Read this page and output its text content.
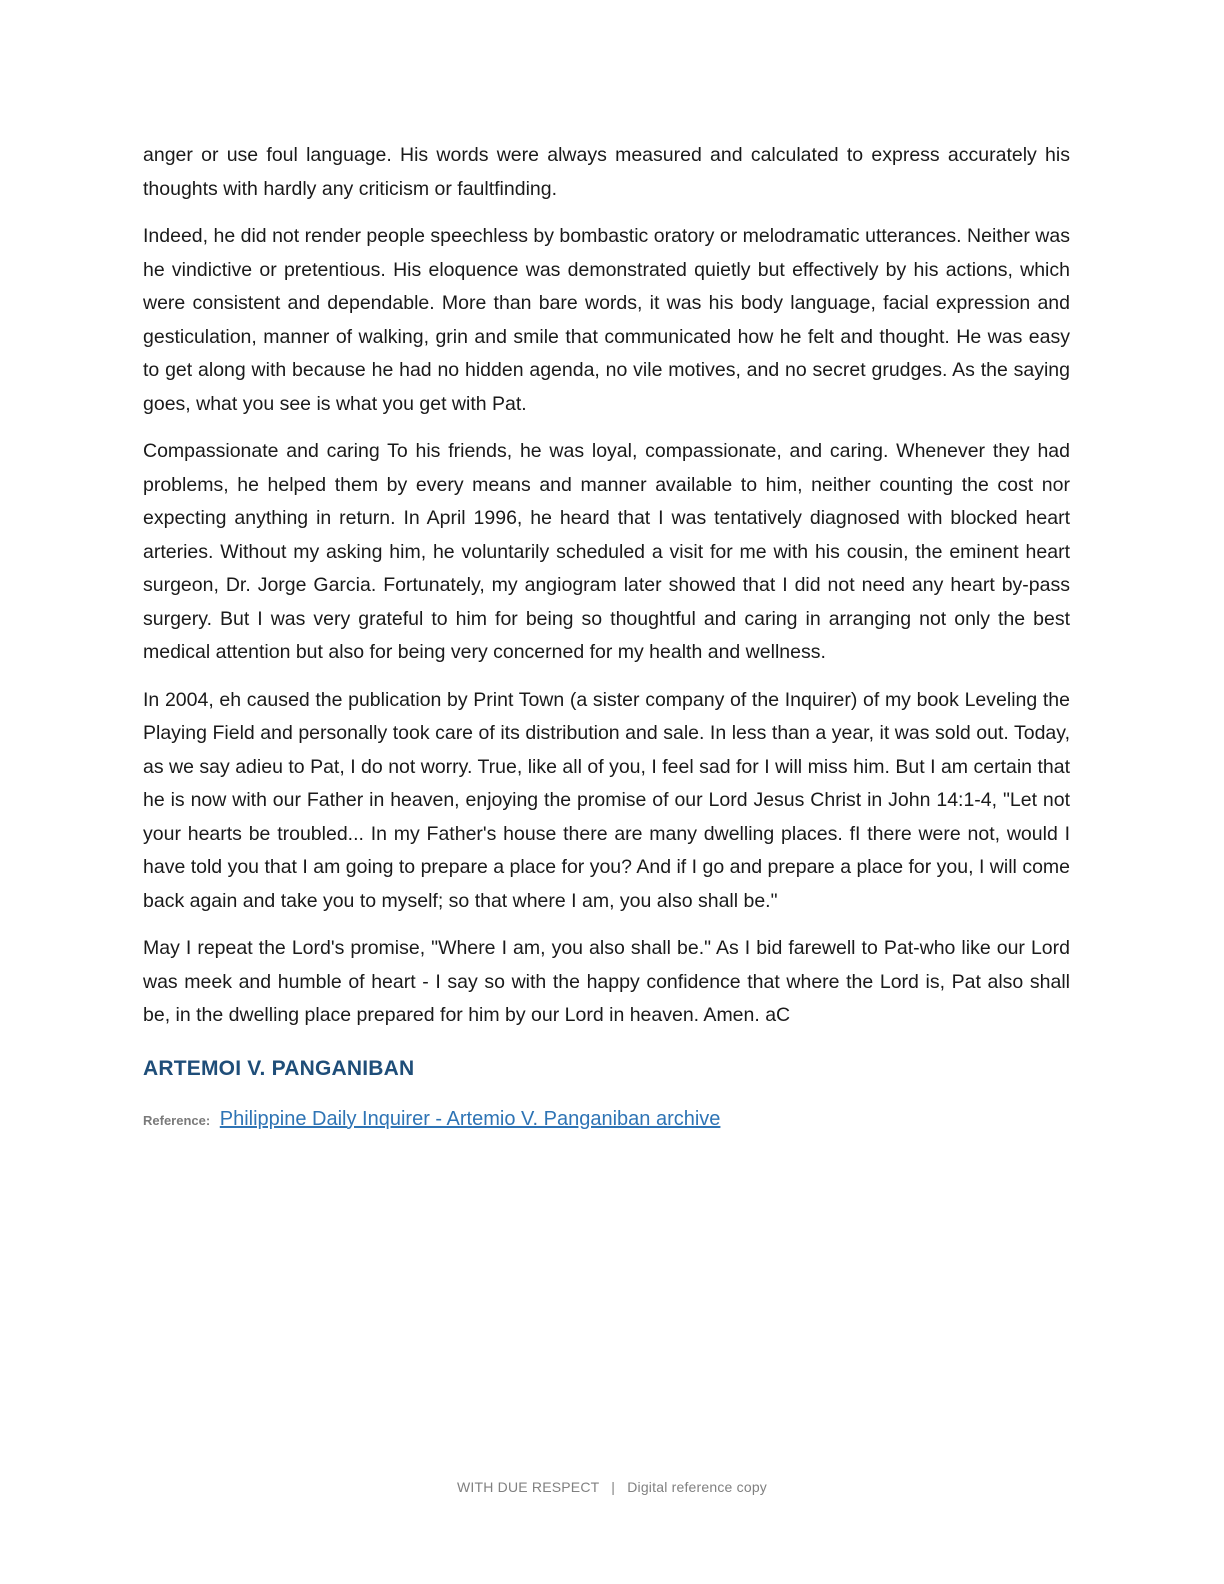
anger or use foul language. His words were always measured and calculated to express accurately his thoughts with hardly any criticism or faultfinding.

Indeed, he did not render people speechless by bombastic oratory or melodramatic utterances. Neither was he vindictive or pretentious. His eloquence was demonstrated quietly but effectively by his actions, which were consistent and dependable. More than bare words, it was his body language, facial expression and gesticulation, manner of walking, grin and smile that communicated how he felt and thought. He was easy to get along with because he had no hidden agenda, no vile motives, and no secret grudges. As the saying goes, what you see is what you get with Pat.

Compassionate and caring To his friends, he was loyal, compassionate, and caring. Whenever they had problems, he helped them by every means and manner available to him, neither counting the cost nor expecting anything in return. In April 1996, he heard that I was tentatively diagnosed with blocked heart arteries. Without my asking him, he voluntarily scheduled a visit for me with his cousin, the eminent heart surgeon, Dr. Jorge Garcia. Fortunately, my angiogram later showed that I did not need any heart by-pass surgery. But I was very grateful to him for being so thoughtful and caring in arranging not only the best medical attention but also for being very concerned for my health and wellness.

In 2004, eh caused the publication by Print Town (a sister company of the Inquirer) of my book Leveling the Playing Field and personally took care of its distribution and sale. In less than a year, it was sold out. Today, as we say adieu to Pat, I do not worry. True, like all of you, I feel sad for I will miss him. But I am certain that he is now with our Father in heaven, enjoying the promise of our Lord Jesus Christ in John 14:1-4, "Let not your hearts be troubled... In my Father's house there are many dwelling places. fI there were not, would I have told you that I am going to prepare a place for you? And if I go and prepare a place for you, I will come back again and take you to myself; so that where I am, you also shall be."

May I repeat the Lord's promise, "Where I am, you also shall be." As I bid farewell to Pat-who like our Lord was meek and humble of heart - I say so with the happy confidence that where the Lord is, Pat also shall be, in the dwelling place prepared for him by our Lord in heaven. Amen. aC

ARTEMOI V. PANGANIBAN
Reference: Philippine Daily Inquirer - Artemio V. Panganiban archive
WITH DUE RESPECT | Digital reference copy
